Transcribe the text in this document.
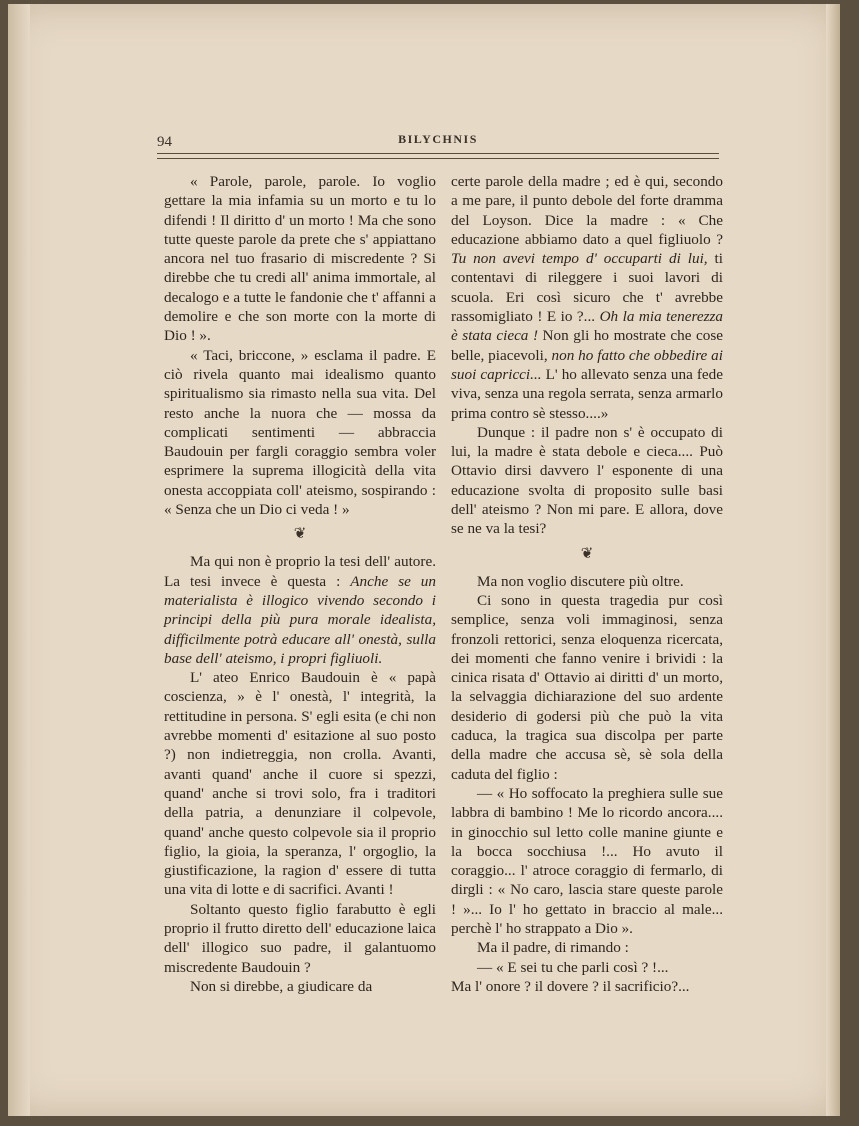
94	BILYCHNIS

« Parole, parole, parole. Io voglio gettare la mia infamia su un morto e tu lo difendi ! Il diritto d' un morto ! Ma che sono tutte queste parole da prete che s' appiattano ancora nel tuo frasario di miscredente ? Si direbbe che tu credi all' anima immortale, al decalogo e a tutte le fandonie che t' affanni a demolire e che son morte con la morte di Dio ! ».

« Taci, briccone, » esclama il padre. E ciò rivela quanto mai idealismo quanto spiritualismo sia rimasto nella sua vita. Del resto anche la nuora che — mossa da complicati sentimenti — abbraccia Baudouin per fargli coraggio sembra voler esprimere la suprema illogicità della vita onesta accoppiata coll' ateismo, sospirando : « Senza che un Dio ci veda ! »

❦

Ma qui non è proprio la tesi dell' autore. La tesi invece è questa : Anche se un materialista è illogico vivendo secondo i principi della più pura morale idealista, difficilmente potrà educare all' onestà, sulla base dell' ateismo, i propri figliuoli.

L' ateo Enrico Baudouin è « papà coscienza, » è l' onestà, l' integrità, la rettitudine in persona. S' egli esita (e chi non avrebbe momenti d' esitazione al suo posto ?) non indietreggia, non crolla. Avanti, avanti quand' anche il cuore si spezzi, quand' anche si trovi solo, fra i traditori della patria, a denunziare il colpevole, quand' anche questo colpevole sia il proprio figlio, la gioia, la speranza, l' orgoglio, la giustificazione, la ragion d' essere di tutta una vita di lotte e di sacrifici. Avanti !

Soltanto questo figlio farabutto è egli proprio il frutto diretto dell' educazione laica dell' illogico suo padre, il galantuomo miscredente Baudouin ?

Non si direbbe, a giudicare da

certe parole della madre ; ed è qui, secondo a me pare, il punto debole del forte dramma del Loyson. Dice la madre : « Che educazione abbiamo dato a quel figliuolo ? Tu non avevi tempo d' occuparti di lui, ti contentavi di rileggere i suoi lavori di scuola. Eri così sicuro che t' avrebbe rassomigliato ! E io ?... Oh la mia tenerezza è stata cieca ! Non gli ho mostrate che cose belle, piacevoli, non ho fatto che obbedire ai suoi capricci... L' ho allevato senza una fede viva, senza una regola serrata, senza armarlo prima contro sè stesso....»

Dunque : il padre non s' è occupato di lui, la madre è stata debole e cieca.... Può Ottavio dirsi davvero l' esponente di una educazione svolta di proposito sulle basi dell' ateismo ? Non mi pare. E allora, dove se ne va la tesi?

❦

Ma non voglio discutere più oltre.

Ci sono in questa tragedia pur così semplice, senza voli immaginosi, senza fronzoli rettorici, senza eloquenza ricercata, dei momenti che fanno venire i brividi : la cinica risata d' Ottavio ai diritti d' un morto, la selvaggia dichiarazione del suo ardente desiderio di godersi più che può la vita caduca, la tragica sua discolpa per parte della madre che accusa sè, sè sola della caduta del figlio :

— « Ho soffocato la preghiera sulle sue labbra di bambino ! Me lo ricordo ancora.... in ginocchio sul letto colle manine giunte e la bocca socchiusa !... Ho avuto il coraggio... l' atroce coraggio di fermarlo, di dirgli : « No caro, lascia stare queste parole ! »... Io l' ho gettato in braccio al male... perchè l' ho strappato a Dio ».

Ma il padre, di rimando :

— « E sei tu che parli così ? !...

Ma l' onore ? il dovere ? il sacrificio?...
